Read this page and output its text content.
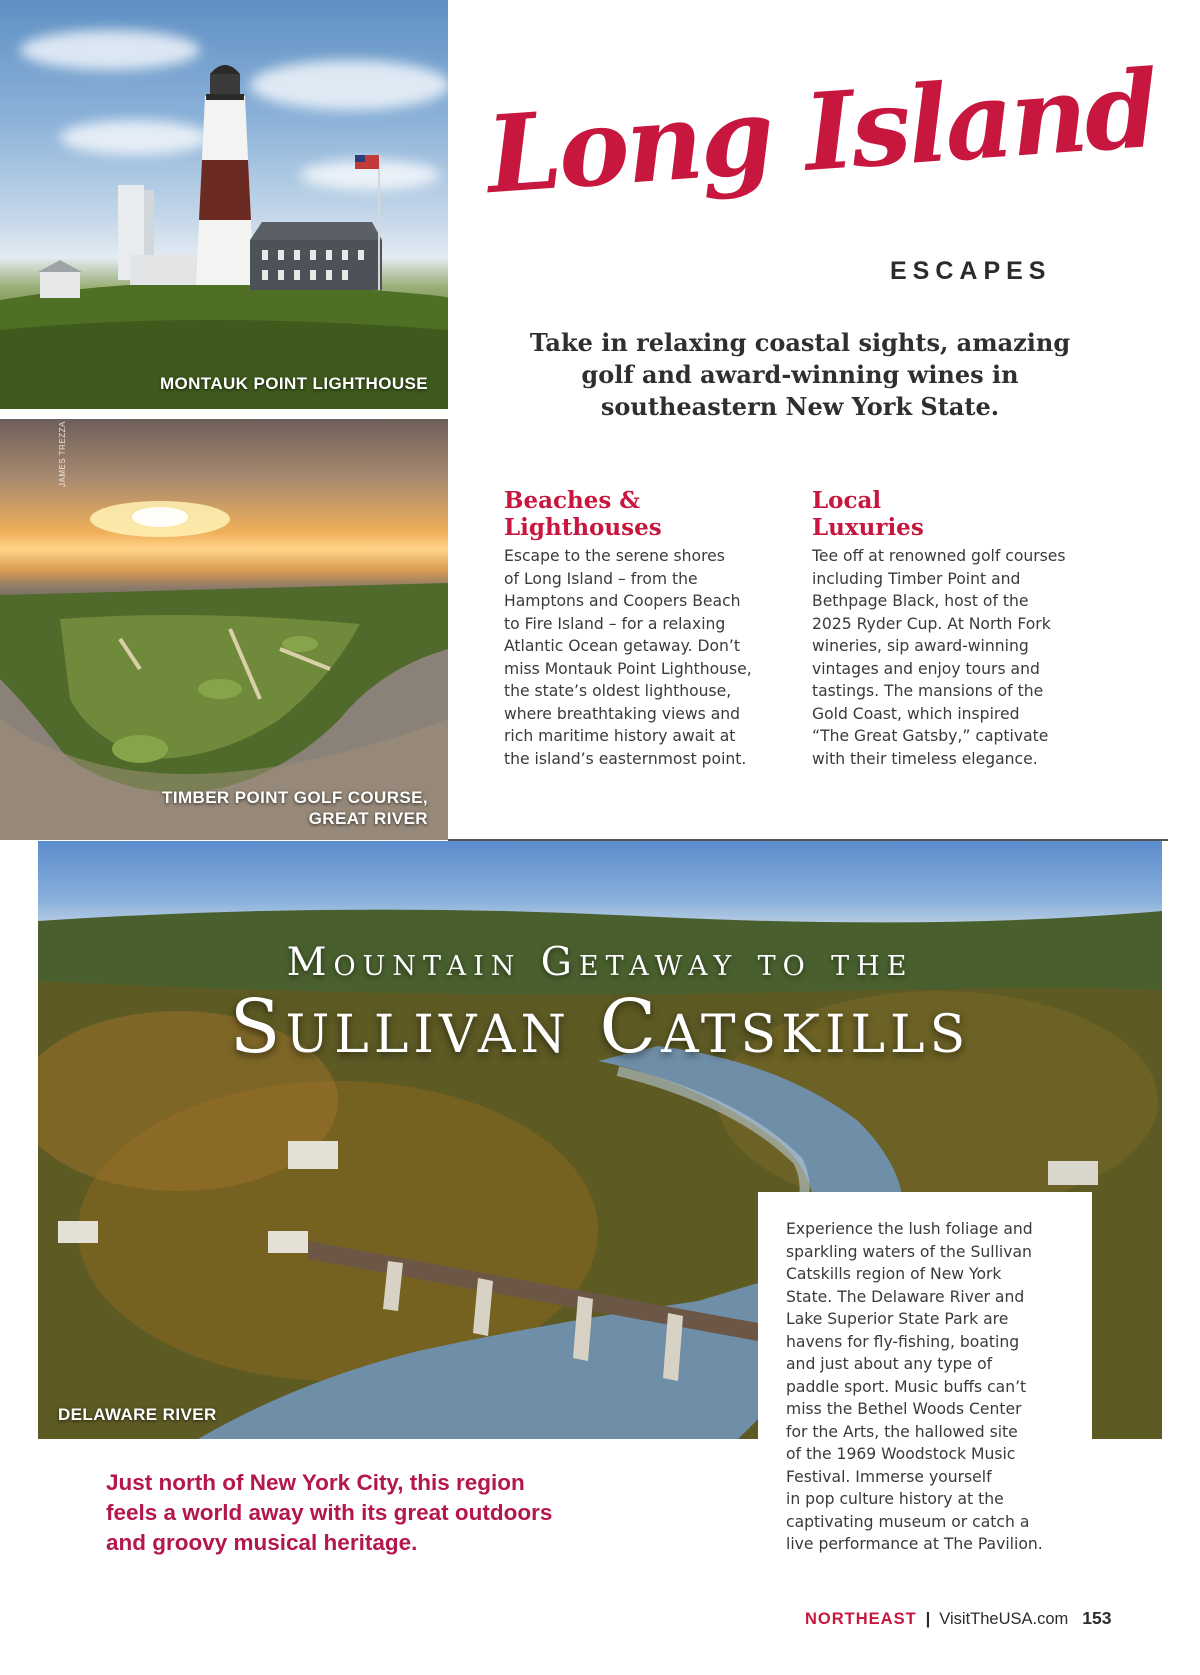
MONTAUK POINT LIGHTHOUSE
JAMES TREZZA
TIMBER POINT GOLF COURSE,
GREAT RIVER
Long Island
ESCAPES
Take in relaxing coastal sights, amazing golf and award-winning wines in southeastern New York State.
Beaches &
Lighthouses
Escape to the serene shores
of Long Island – from the
Hamptons and Coopers Beach
to Fire Island – for a relaxing
Atlantic Ocean getaway. Don’t
miss Montauk Point Lighthouse,
the state’s oldest lighthouse,
where breathtaking views and
rich maritime history await at
the island’s easternmost point.
Local
Luxuries
Tee off at renowned golf courses
including Timber Point and
Bethpage Black, host of the
2025 Ryder Cup. At North Fork
wineries, sip award-winning
vintages and enjoy tours and
tastings. The mansions of the
Gold Coast, which inspired
“The Great Gatsby,” captivate
with their timeless elegance.
DELAWARE RIVER
Mountain Getaway to the
Sullivan Catskills
Experience the lush foliage and
sparkling waters of the Sullivan
Catskills region of New York
State. The Delaware River and
Lake Superior State Park are
havens for fly-fishing, boating
and just about any type of
paddle sport. Music buffs can’t
miss the Bethel Woods Center
for the Arts, the hallowed site
of the 1969 Woodstock Music
Festival. Immerse yourself
in pop culture history at the
captivating museum or catch a
live performance at The Pavilion.
Just north of New York City, this region
feels a world away with its great outdoors
and groovy musical heritage.
NORTHEAST | VisitTheUSA.com 153
